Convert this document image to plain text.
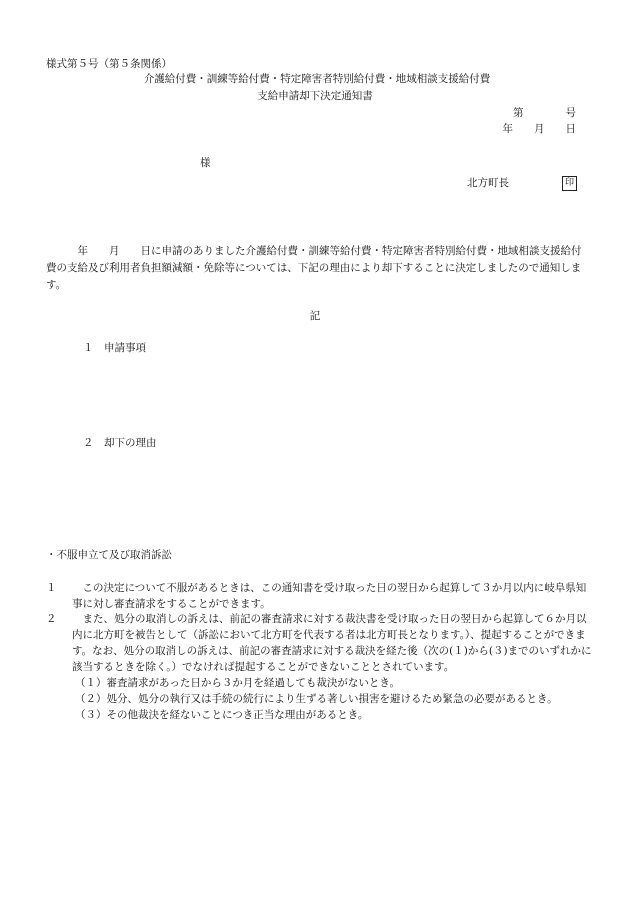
様式第５号（第５条関係）
介護給付費・訓練等給付費・特定障害者特別給付費・地域相談支援給付費
支給申請却下決定通知書
第　　　　号
年　　月　　日
様
北方町長	印
　　　年　　月　　日に申請のありました介護給付費・訓練等給付費・特定障害者特別給付費・地域相談支援給付費の支給及び利用者負担額減額・免除等については、下記の理由により却下することに決定しましたので通知します。
記
１ 申請事項
２ 却下の理由
・不服申立て及び取消訴訟
１ 　この決定について不服があるときは、この通知書を受け取った日の翌日から起算して３か月以内に岐阜県知事に対し審査請求をすることができます。
２ 　また、処分の取消しの訴えは、前記の審査請求に対する裁決書を受け取った日の翌日から起算して６か月以内に北方町を被告として（訴訟において北方町を代表する者は北方町長となります。）、提起することができます。なお、処分の取消しの訴えは、前記の審査請求に対する裁決を経た後（次の(１)から(３)までのいずれかに該当するときを除く。）でなければ提起することができないこととされています。
（１）審査請求があった日から３か月を経過しても裁決がないとき。
（２）処分、処分の執行又は手続の続行により生ずる著しい損害を避けるため緊急の必要があるとき。
（３）その他裁決を経ないことにつき正当な理由があるとき。
